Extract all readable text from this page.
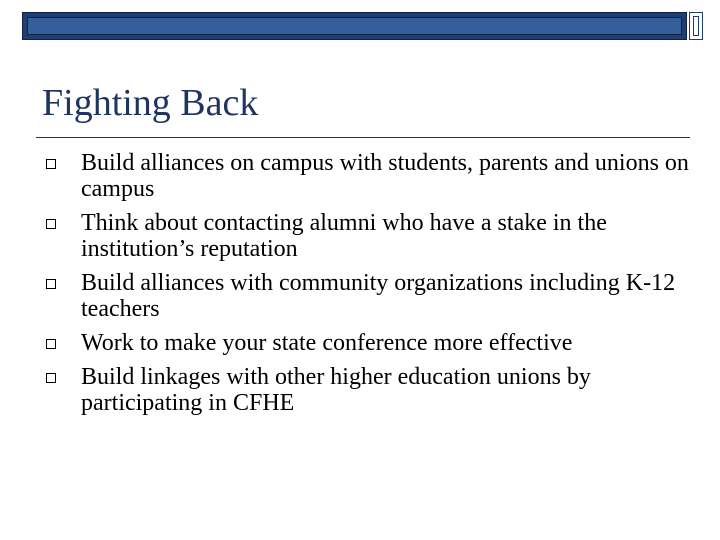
Fighting Back
Build alliances on campus with students, parents and unions on campus
Think about contacting alumni who have a stake in the institution’s reputation
Build alliances with community organizations including K-12 teachers
Work to make your state conference more effective
Build linkages with other higher education unions by participating in CFHE
